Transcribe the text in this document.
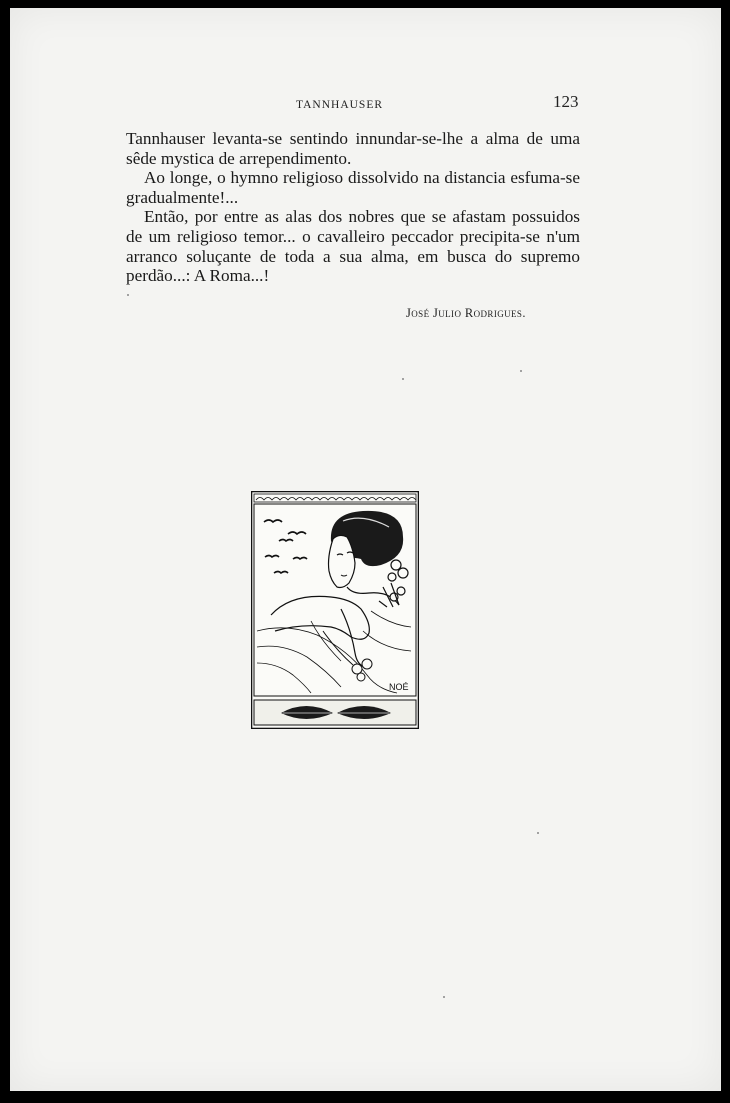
TANNHAUSER	123

Tannhauser levanta-se sentindo innundar-se-lhe a alma de uma sêde mystica de arrependimento.

Ao longe, o hymno religioso dissolvido na distancia esfuma-se gradualmente!...

Então, por entre as alas dos nobres que se afastam possuidos de um religioso temor... o cavalleiro peccador precipita-se n'um arranco soluçante de toda a sua alma, em busca do supremo perdão...: A Roma...!

José Julio Rodrigues.
NOÉ
